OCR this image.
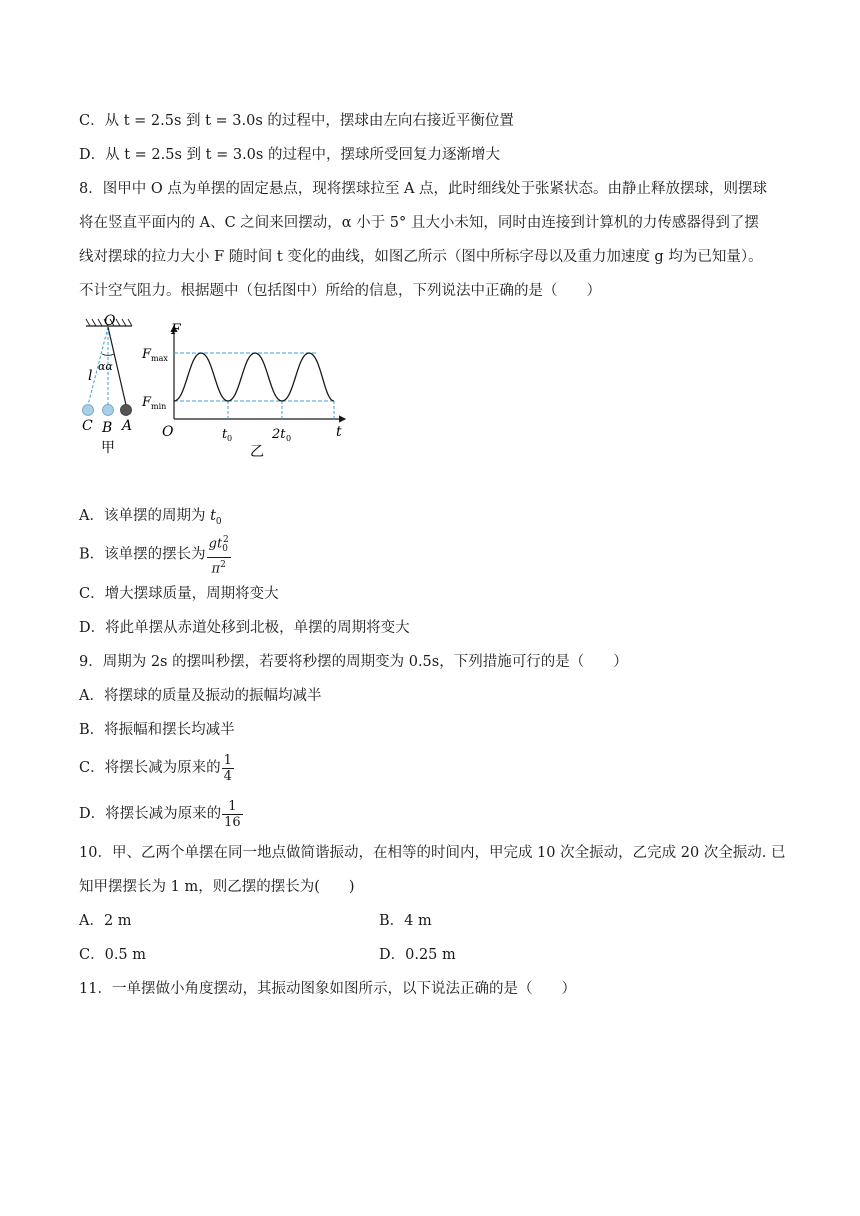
C．从 t = 2.5s 到 t = 3.0s 的过程中，摆球由左向右接近平衡位置
D．从 t = 2.5s 到 t = 3.0s 的过程中，摆球所受回复力逐渐增大
8．图甲中 O 点为单摆的固定悬点，现将摆球拉至 A 点，此时细线处于张紧状态。由静止释放摆球，则摆球
将在竖直平面内的 A、C 之间来回摆动，α 小于 5° 且大小未知，同时由连接到计算机的力传感器得到了摆
线对摆球的拉力大小 F 随时间 t 变化的曲线，如图乙所示（图中所标字母以及重力加速度 g 均为已知量）。
不计空气阻力。根据题中（包括图中）所给的信息，下列说法中正确的是（　　）
O
αα
l
C B A
甲
F
t
O
F max
F min
t 0	2t 0
乙
A．该单摆的周期为 $t_0$
B．该单摆的摆长为 $\frac{gt_0^2}{\pi^2}$
C．增大摆球质量，周期将变大
D．将此单摆从赤道处移到北极，单摆的周期将变大
9．周期为 2s 的摆叫秒摆，若要将秒摆的周期变为 0.5s，下列措施可行的是（　　）
A．将摆球的质量及振动的振幅均减半
B．将振幅和摆长均减半
C．将摆长减为原来的 $\frac{1}{4}$
D．将摆长减为原来的 $\frac{1}{16}$
10．甲、乙两个单摆在同一地点做简谐振动，在相等的时间内，甲完成 10 次全振动，乙完成 20 次全振动. 已
知甲摆摆长为 1 m，则乙摆的摆长为(　　)
A．2 m	B．4 m
C．0.5 m	D．0.25 m
11．一单摆做小角度摆动，其振动图象如图所示，以下说法正确的是（　　）
